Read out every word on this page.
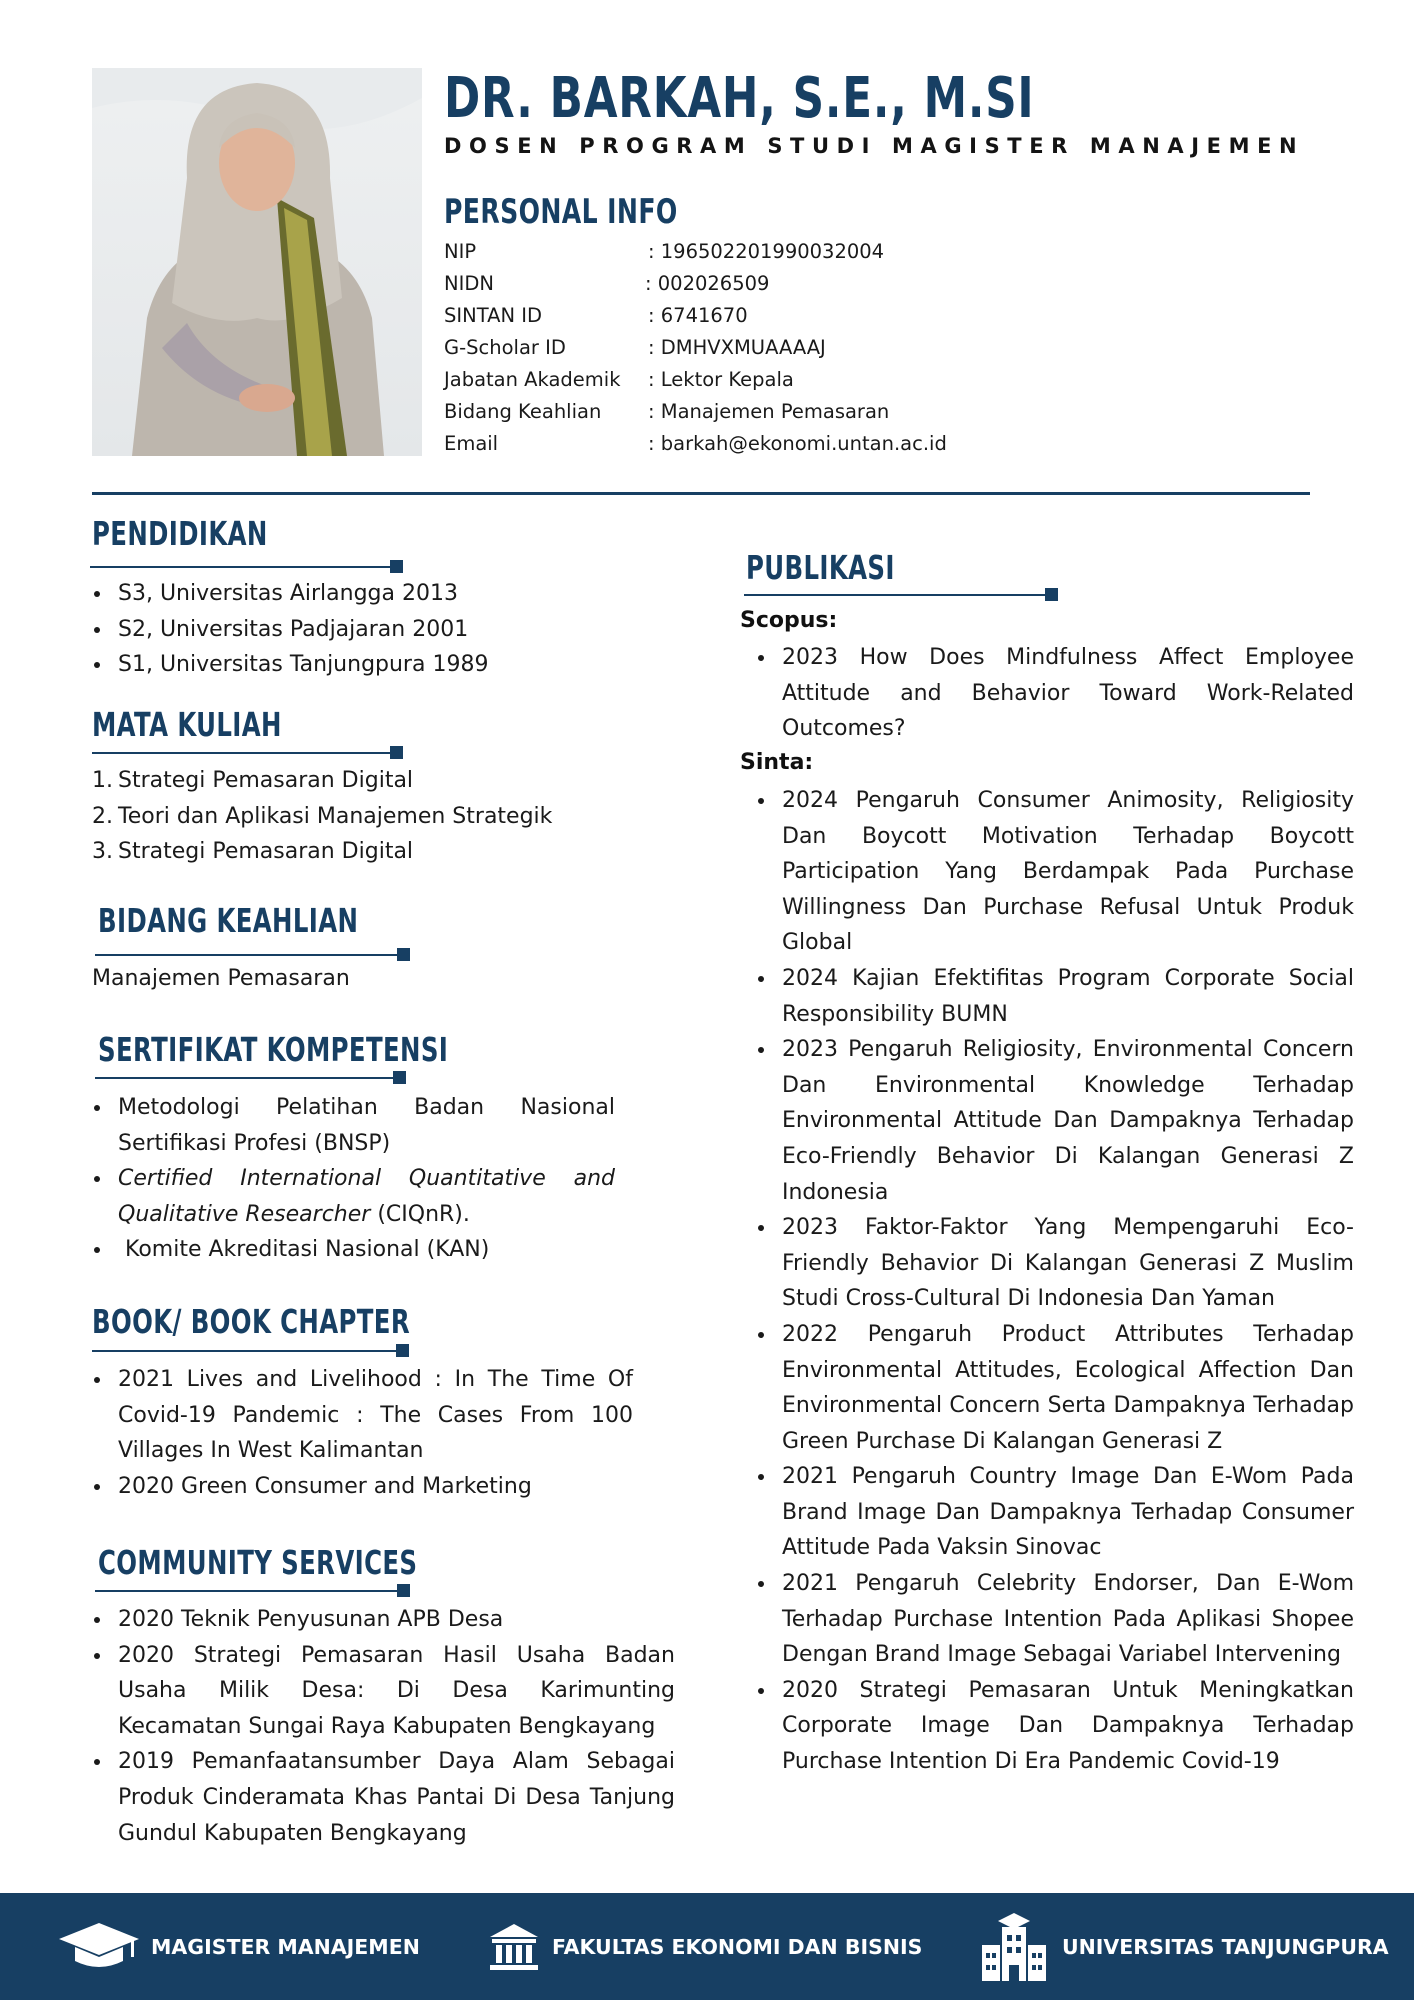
DR. BARKAH, S.E., M.SI
DOSEN PROGRAM STUDI MAGISTER MANAJEMEN
PERSONAL INFO
NIP	: 196502201990032004
NIDN	: 002026509
SINTAN ID	: 6741670
G-Scholar ID	: DMHVXMUAAAAJ
Jabatan Akademik	: Lektor Kepala
Bidang Keahlian	: Manajemen Pemasaran
Email	: barkah@ekonomi.untan.ac.id
PENDIDIKAN
S3, Universitas Airlangga 2013
S2, Universitas Padjajaran 2001
S1, Universitas Tanjungpura 1989
MATA KULIAH
1. Strategi Pemasaran Digital
2. Teori dan Aplikasi Manajemen Strategik
3. Strategi Pemasaran Digital
BIDANG KEAHLIAN
Manajemen Pemasaran
SERTIFIKAT KOMPETENSI
Metodologi Pelatihan Badan Nasional Sertifikasi Profesi (BNSP)
Certified International Quantitative and Qualitative Researcher (CIQnR).
Komite Akreditasi Nasional (KAN)
BOOK/ BOOK CHAPTER
2021 Lives and Livelihood : In The Time Of Covid-19 Pandemic : The Cases From 100 Villages In West Kalimantan
2020 Green Consumer and Marketing
COMMUNITY SERVICES
2020 Teknik Penyusunan APB Desa
2020 Strategi Pemasaran Hasil Usaha Badan Usaha Milik Desa: Di Desa Karimunting Kecamatan Sungai Raya Kabupaten Bengkayang
2019 Pemanfaatansumber Daya Alam Sebagai Produk Cinderamata Khas Pantai Di Desa Tanjung Gundul Kabupaten Bengkayang
PUBLIKASI
Scopus:
2023 How Does Mindfulness Affect Employee Attitude and Behavior Toward Work-Related Outcomes?
Sinta:
2024 Pengaruh Consumer Animosity, Religiosity Dan Boycott Motivation Terhadap Boycott Participation Yang Berdampak Pada Purchase Willingness Dan Purchase Refusal Untuk Produk Global
2024 Kajian Efektifitas Program Corporate Social Responsibility BUMN
2023 Pengaruh Religiosity, Environmental Concern Dan Environmental Knowledge Terhadap Environmental Attitude Dan Dampaknya Terhadap Eco-Friendly Behavior Di Kalangan Generasi Z Indonesia
2023 Faktor-Faktor Yang Mempengaruhi Eco-Friendly Behavior Di Kalangan Generasi Z Muslim Studi Cross-Cultural Di Indonesia Dan Yaman
2022 Pengaruh Product Attributes Terhadap Environmental Attitudes, Ecological Affection Dan Environmental Concern Serta Dampaknya Terhadap Green Purchase Di Kalangan Generasi Z
2021 Pengaruh Country Image Dan E-Wom Pada Brand Image Dan Dampaknya Terhadap Consumer Attitude Pada Vaksin Sinovac
2021 Pengaruh Celebrity Endorser, Dan E-Wom Terhadap Purchase Intention Pada Aplikasi Shopee Dengan Brand Image Sebagai Variabel Intervening
2020 Strategi Pemasaran Untuk Meningkatkan Corporate Image Dan Dampaknya Terhadap Purchase Intention Di Era Pandemic Covid-19
MAGISTER MANAJEMEN	FAKULTAS EKONOMI DAN BISNIS	UNIVERSITAS TANJUNGPURA
